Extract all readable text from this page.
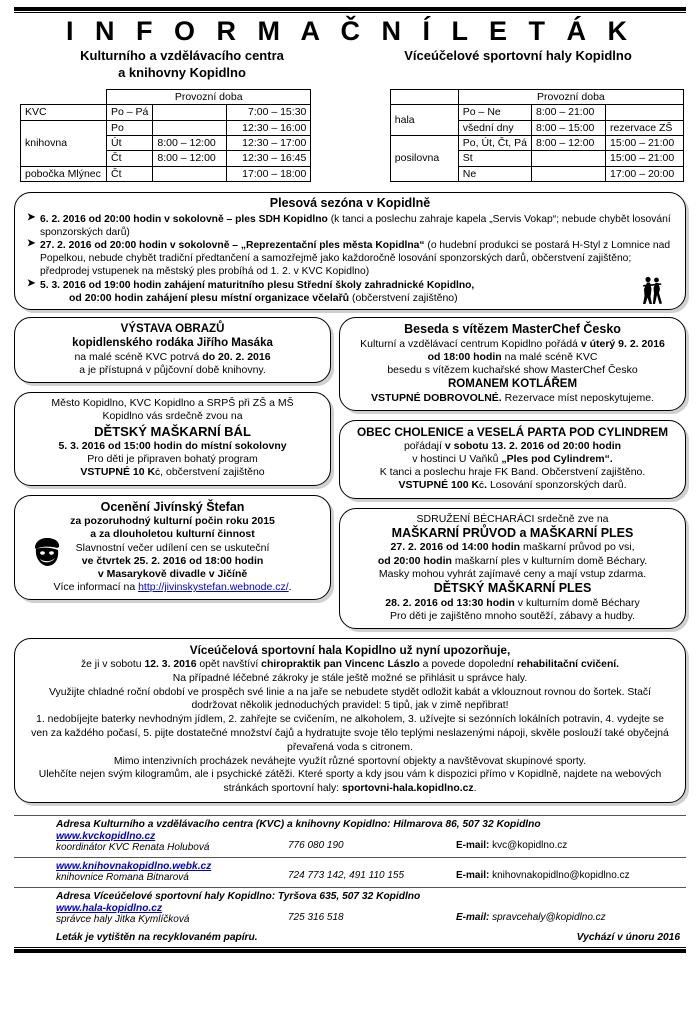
I N F O R M A Č N Í L E T Á K
Kulturního a vzdělávacího centra
a knihovny Kopidlno
Víceúčelové sportovní haly Kopidlno
	Provozní doba		
KVC	Po – Pá		7:00 – 15:30
knihovna	Po		12:30 – 16:00
	Út	8:00 – 12:00	12:30 – 17:00
	Čt	8:00 – 12:00	12:30 – 16:45
pobočka Mlýnec	Čt		17:00 – 18:00
	Provozní doba		
hala	Po – Ne	8:00 – 21:00	
	všední dny	8:00 – 15:00	rezervace ZŠ
posilovna	Po, Út, Čt, Pá	8:00 – 12:00	15:00 – 21:00
	St		15:00 – 21:00
	Ne		17:00 – 20:00
Plesová sezóna v Kopidlně
➤ 6. 2. 2016 od 20:00 hodin v sokolovně – ples SDH Kopidlno (k tanci a poslechu zahraje kapela „Servis Vokap“; nebude chybět losování sponzorských darů)
➤ 27. 2. 2016 od 20:00 hodin v sokolovně – „Reprezentační ples města Kopidlna“ (o hudební produkci se postará H‑Styl z Lomnice nad Popelkou, nebude chybět tradiční předtančení a samozřejmě jako každoročně losování sponzorských darů, občerstvení zajištěno; předprodej vstupenek na městský ples probíhá od 1. 2. v KVC Kopidlno)
➤ 5. 3. 2016 od 19:00 hodin zahájení maturitního plesu Střední školy zahradnické Kopidlno,
od 20:00 hodin zahájení plesu místní organizace včelařů (občerstvení zajištěno)
VÝSTAVA OBRAZŮ
kopidlenského rodáka Jiřího Masáka
na malé scéně KVC potrvá do 20. 2. 2016
a je přístupná v půjčovní době knihovny.
Město Kopidlno, KVC Kopidlno a SRPŠ při ZŠ a MŠ
Kopidlno vás srdečně zvou na
DĚTSKÝ MAŠKARNÍ BÁL
5. 3. 2016 od 15:00 hodin do místní sokolovny
Pro děti je připraven bohatý program
VSTUPNÉ 10 Kč, občerstvení zajištěno
Ocenění Jivínský Štefan
za pozoruhodný kulturní počin roku 2015
a za dlouholetou kulturní činnost
Slavnostní večer udílení cen se uskuteční
ve čtvrtek 25. 2. 2016 od 18:00 hodin
v Masarykově divadle v Jičíně
Více informací na http://jivinskystefan.webnode.cz/.
Beseda s vítězem MasterChef Česko
Kulturní a vzdělávací centrum Kopidlno pořádá v úterý 9. 2. 2016
od 18:00 hodin na malé scéně KVC
besedu s vítězem kuchařské show MasterChef Česko
ROMANEM KOTLÁŘEM
VSTUPNÉ DOBROVOLNÉ. Rezervace míst neposkytujeme.
OBEC CHOLENICE a VESELÁ PARTA POD CYLINDREM
pořádají v sobotu 13. 2. 2016 od 20:00 hodin
v hostinci U Vaňků „Ples pod Cylindrem“.
K tanci a poslechu hraje FK Band. Občerstvení zajištěno.
VSTUPNÉ 100 Kč. Losování sponzorských darů.
SDRUŽENÍ BÉCHARÁCI srdečně zve na
MAŠKARNÍ PRŮVOD a MAŠKARNÍ PLES
27. 2. 2016 od 14:00 hodin maškarní průvod po vsi,
od 20:00 hodin maškarní ples v kulturním domě Béchary.
Masky mohou vyhrát zajímavé ceny a mají vstup zdarma.
DĚTSKÝ MAŠKARNÍ PLES
28. 2. 2016 od 13:30 hodin v kulturním domě Béchary
Pro děti je zajištěno mnoho soutěží, zábavy a hudby.
Víceúčelová sportovní hala Kopidlno už nyní upozorňuje,

že ji v sobotu 12. 3. 2016 opět navštíví chiropraktik pan Vincenc Lászlo a povede dopolední rehabilitační cvičení.

Na případné léčebné zákroky je stále ještě možné se přihlásit u správce haly.

Využijte chladné roční období ve prospěch své linie a na jaře se nebudete stydět odložit kabát a vklouznout rovnou do šortek. Stačí dodržovat několik jednoduchých pravidel: 5 tipů, jak v zimě nepřibrat!

1. nedobíjejte baterky nevhodným jídlem, 2. zahřejte se cvičením, ne alkoholem, 3. užívejte si sezónních lokálních potravin, 4. vydejte se ven za každého počasí, 5. pijte dostatečné množství čajů a hydratujte svoje tělo teplými neslazenými nápoji, skvěle poslouží také obyčejná převařená voda s citronem.

Mimo intenzivních procházek neváhejte využít různé sportovní objekty a navštěvovat skupinové sporty.

Ulehčíte nejen svým kilogramům, ale i psychické zátěži. Které sporty a kdy jsou vám k dispozici přímo v Kopidlně, najdete na webových stránkách sportovní haly: sportovni-hala.kopidlno.cz.

Adresa Kulturního a vzdělávacího centra (KVC) a knihovny Kopidlno: Hilmarova 86, 507 32 Kopidlno
www.kvckopidlno.cz
koordinátor KVC Renata Holubová	776 080 190	E-mail: kvc@kopidlno.cz
www.knihovnakopidlno.webk.cz
knihovnice Romana Bitnarová	724 773 142, 491 110 155	E-mail: knihovnakopidlno@kopidlno.cz
Adresa Víceúčelové sportovní haly Kopidlno: Tyršova 635, 507 32 Kopidlno
www.hala-kopidlno.cz
správce haly Jitka Kymlíčková	725 316 518	E-mail: spravcehaly@kopidlno.cz
Leták je vytištěn na recyklovaném papíru.	Vychází v únoru 2016
